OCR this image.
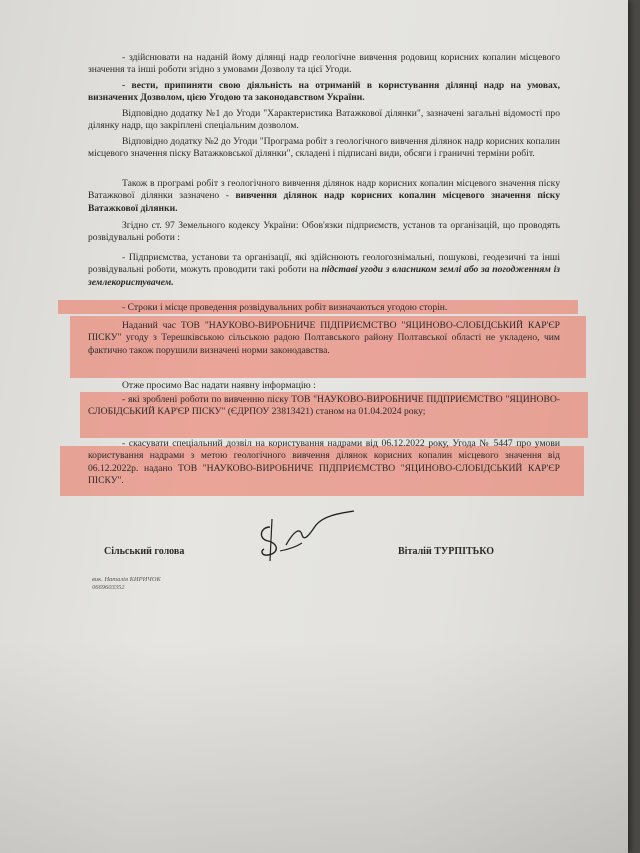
- здійснювати на наданій йому ділянці надр геологічне вивчення родовищ корисних копалин місцевого значення та інші роботи згідно з умовами Дозволу та цієї Угоди.
- вести, припиняти свою діяльність на отриманій в користування ділянці надр на умовах, визначених Дозволом, цією Угодою та законодавством України.
Відповідно додатку №1 до Угоди "Характеристика Ватажкової ділянки", зазначені загальні відомості про ділянку надр, що закріплені спеціальним дозволом.
Відповідно додатку №2 до Угоди "Програма робіт з геологічного вивчення ділянок надр корисних копалин місцевого значення піску Ватажковської ділянки", складені і підписані види, обсяги і граничні терміни робіт.
Також в програмі робіт з геологічного вивчення ділянок надр корисних копалин місцевого значення піску Ватажкової ділянки зазначено - вивчення ділянок надр корисних копалин місцевого значення піску Ватажкової ділянки.
Згідно ст. 97 Земельного кодексу України: Обов'язки підприємств, установ та організацій, що проводять розвідувальні роботи :
- Підприємства, установи та організації, які здійснюють геологознімальні, пошукові, геодезичні та інші розвідувальні роботи, можуть проводити такі роботи на підставі угоди з власником землі або за погодженням із землекористувачем.
- Строки і місце проведення розвідувальних робіт визначаються угодою сторін.
Наданий час ТОВ "НАУКОВО-ВИРОБНИЧЕ ПІДПРИЄМСТВО "ЯЦИНОВО-СЛОБІДСЬКИЙ КАР'ЄР ПІСКУ" угоду з Терешківською сільською радою Полтавського району Полтавської області не укладено, чим фактично також порушили визначені норми законодавства.
Отже просимо Вас надати наявну інформацію :
- які зроблені роботи по вивченню піску ТОВ "НАУКОВО-ВИРОБНИЧЕ ПІДПРИЄМСТВО "ЯЦИНОВО-СЛОБІДСЬКИЙ КАР'ЄР ПІСКУ" (ЄДРПОУ 23813421) станом на 01.04.2024 року;
- скасувати спеціальний дозвіл на користування надрами від 06.12.2022 року, Угода № 5447 про умови користування надрами з метою геологічного вивчення ділянок корисних копалин місцевого значення від 06.12.2022р. надано ТОВ "НАУКОВО-ВИРОБНИЧЕ ПІДПРИЄМСТВО "ЯЦИНОВО-СЛОБІДСЬКИЙ КАР'ЄР ПІСКУ".
Сільський голова	Віталій ТУРПІТЬКО
вик. Наталія КИРИЧОК
0669603352
